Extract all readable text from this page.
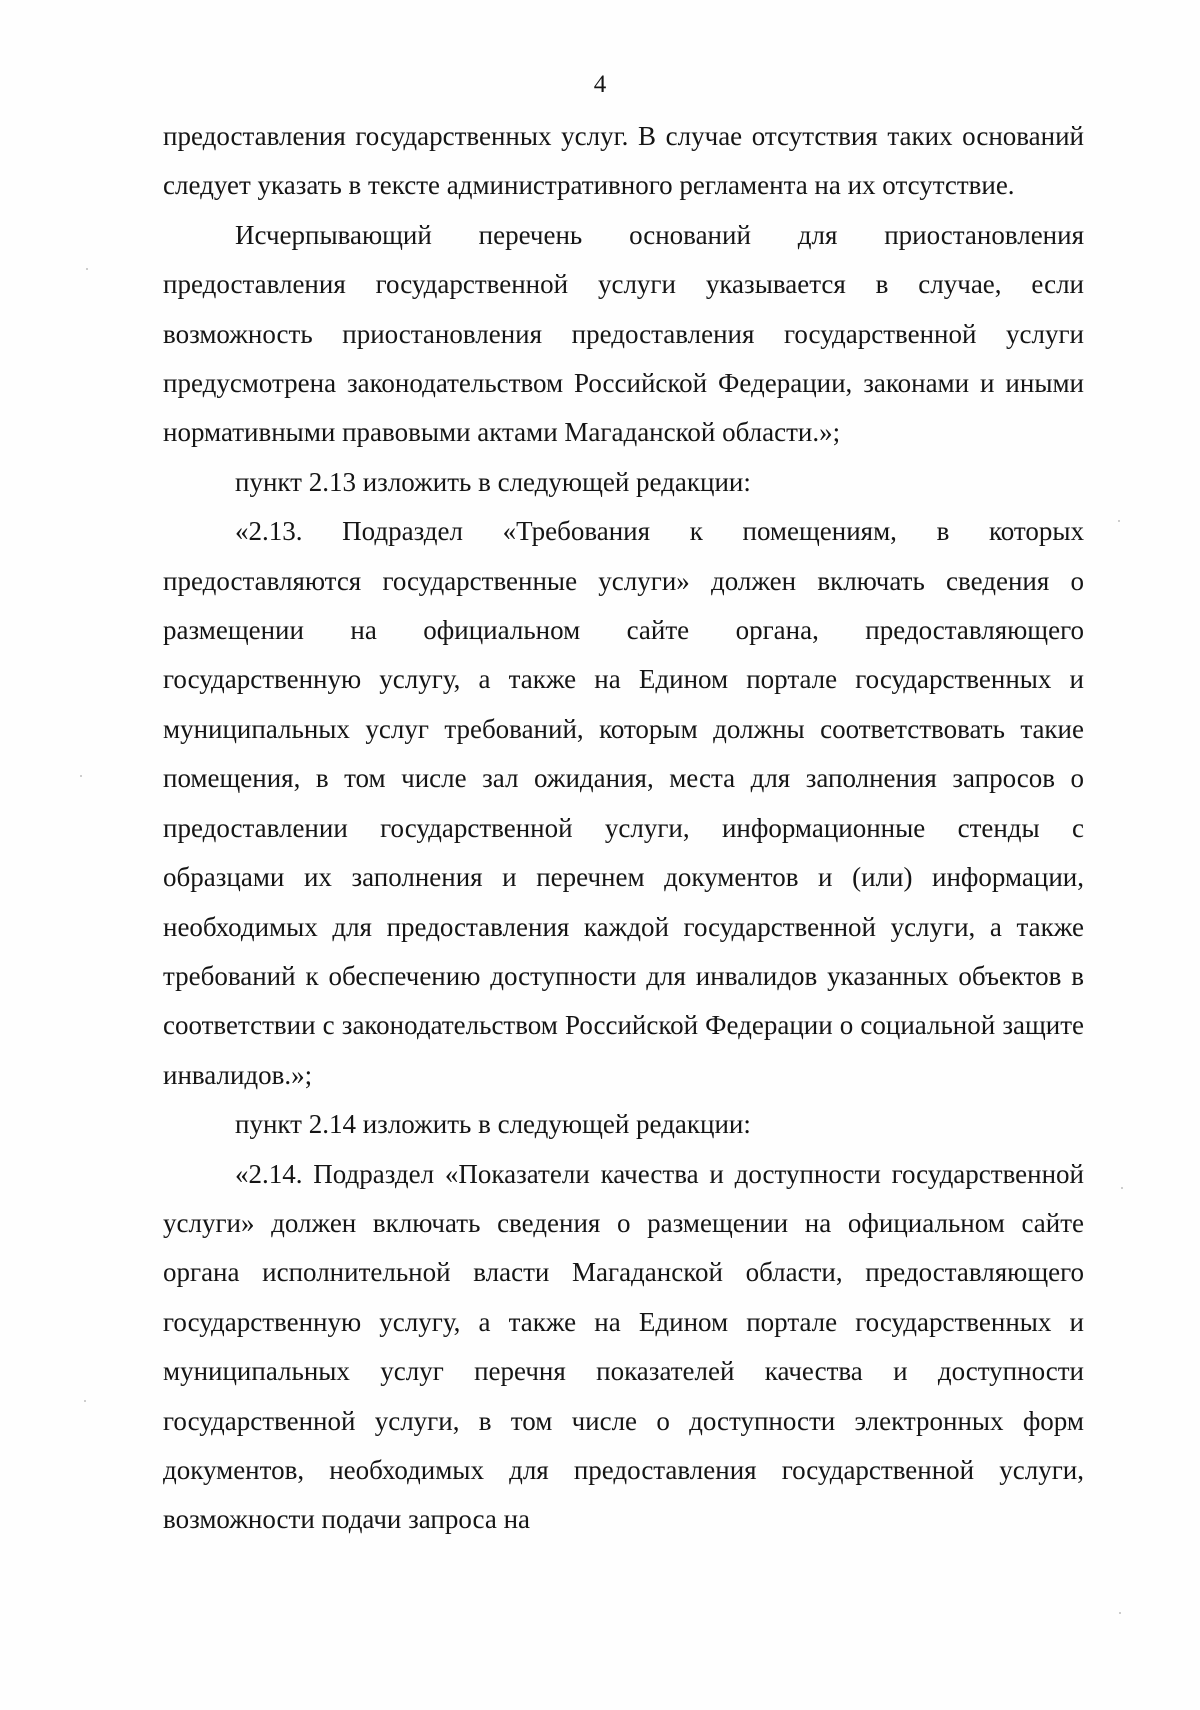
4

предоставления государственных услуг. В случае отсутствия таких оснований следует указать в тексте административного регламента на их отсутствие.

Исчерпывающий перечень оснований для приостановления предоставления государственной услуги указывается в случае, если возможность приостановления предоставления государственной услуги предусмотрена законодательством Российской Федерации, законами и иными нормативными правовыми актами Магаданской области.»;

пункт 2.13 изложить в следующей редакции:

«2.13. Подраздел «Требования к помещениям, в которых предоставляются государственные услуги» должен включать сведения о размещении на официальном сайте органа, предоставляющего государственную услугу, а также на Едином портале государственных и муниципальных услуг требований, которым должны соответствовать такие помещения, в том числе зал ожидания, места для заполнения запросов о предоставлении государственной услуги, информационные стенды с образцами их заполнения и перечнем документов и (или) информации, необходимых для предоставления каждой государственной услуги, а также требований к обеспечению доступности для инвалидов указанных объектов в соответствии с законодательством Российской Федерации о социальной защите инвалидов.»;

пункт 2.14 изложить в следующей редакции:

«2.14. Подраздел «Показатели качества и доступности государственной услуги» должен включать сведения о размещении на официальном сайте органа исполнительной власти Магаданской области, предоставляющего государственную услугу, а также на Едином портале государственных и муниципальных услуг перечня показателей качества и доступности государственной услуги, в том числе о доступности электронных форм документов, необходимых для предоставления государственной услуги, возможности подачи запроса на
